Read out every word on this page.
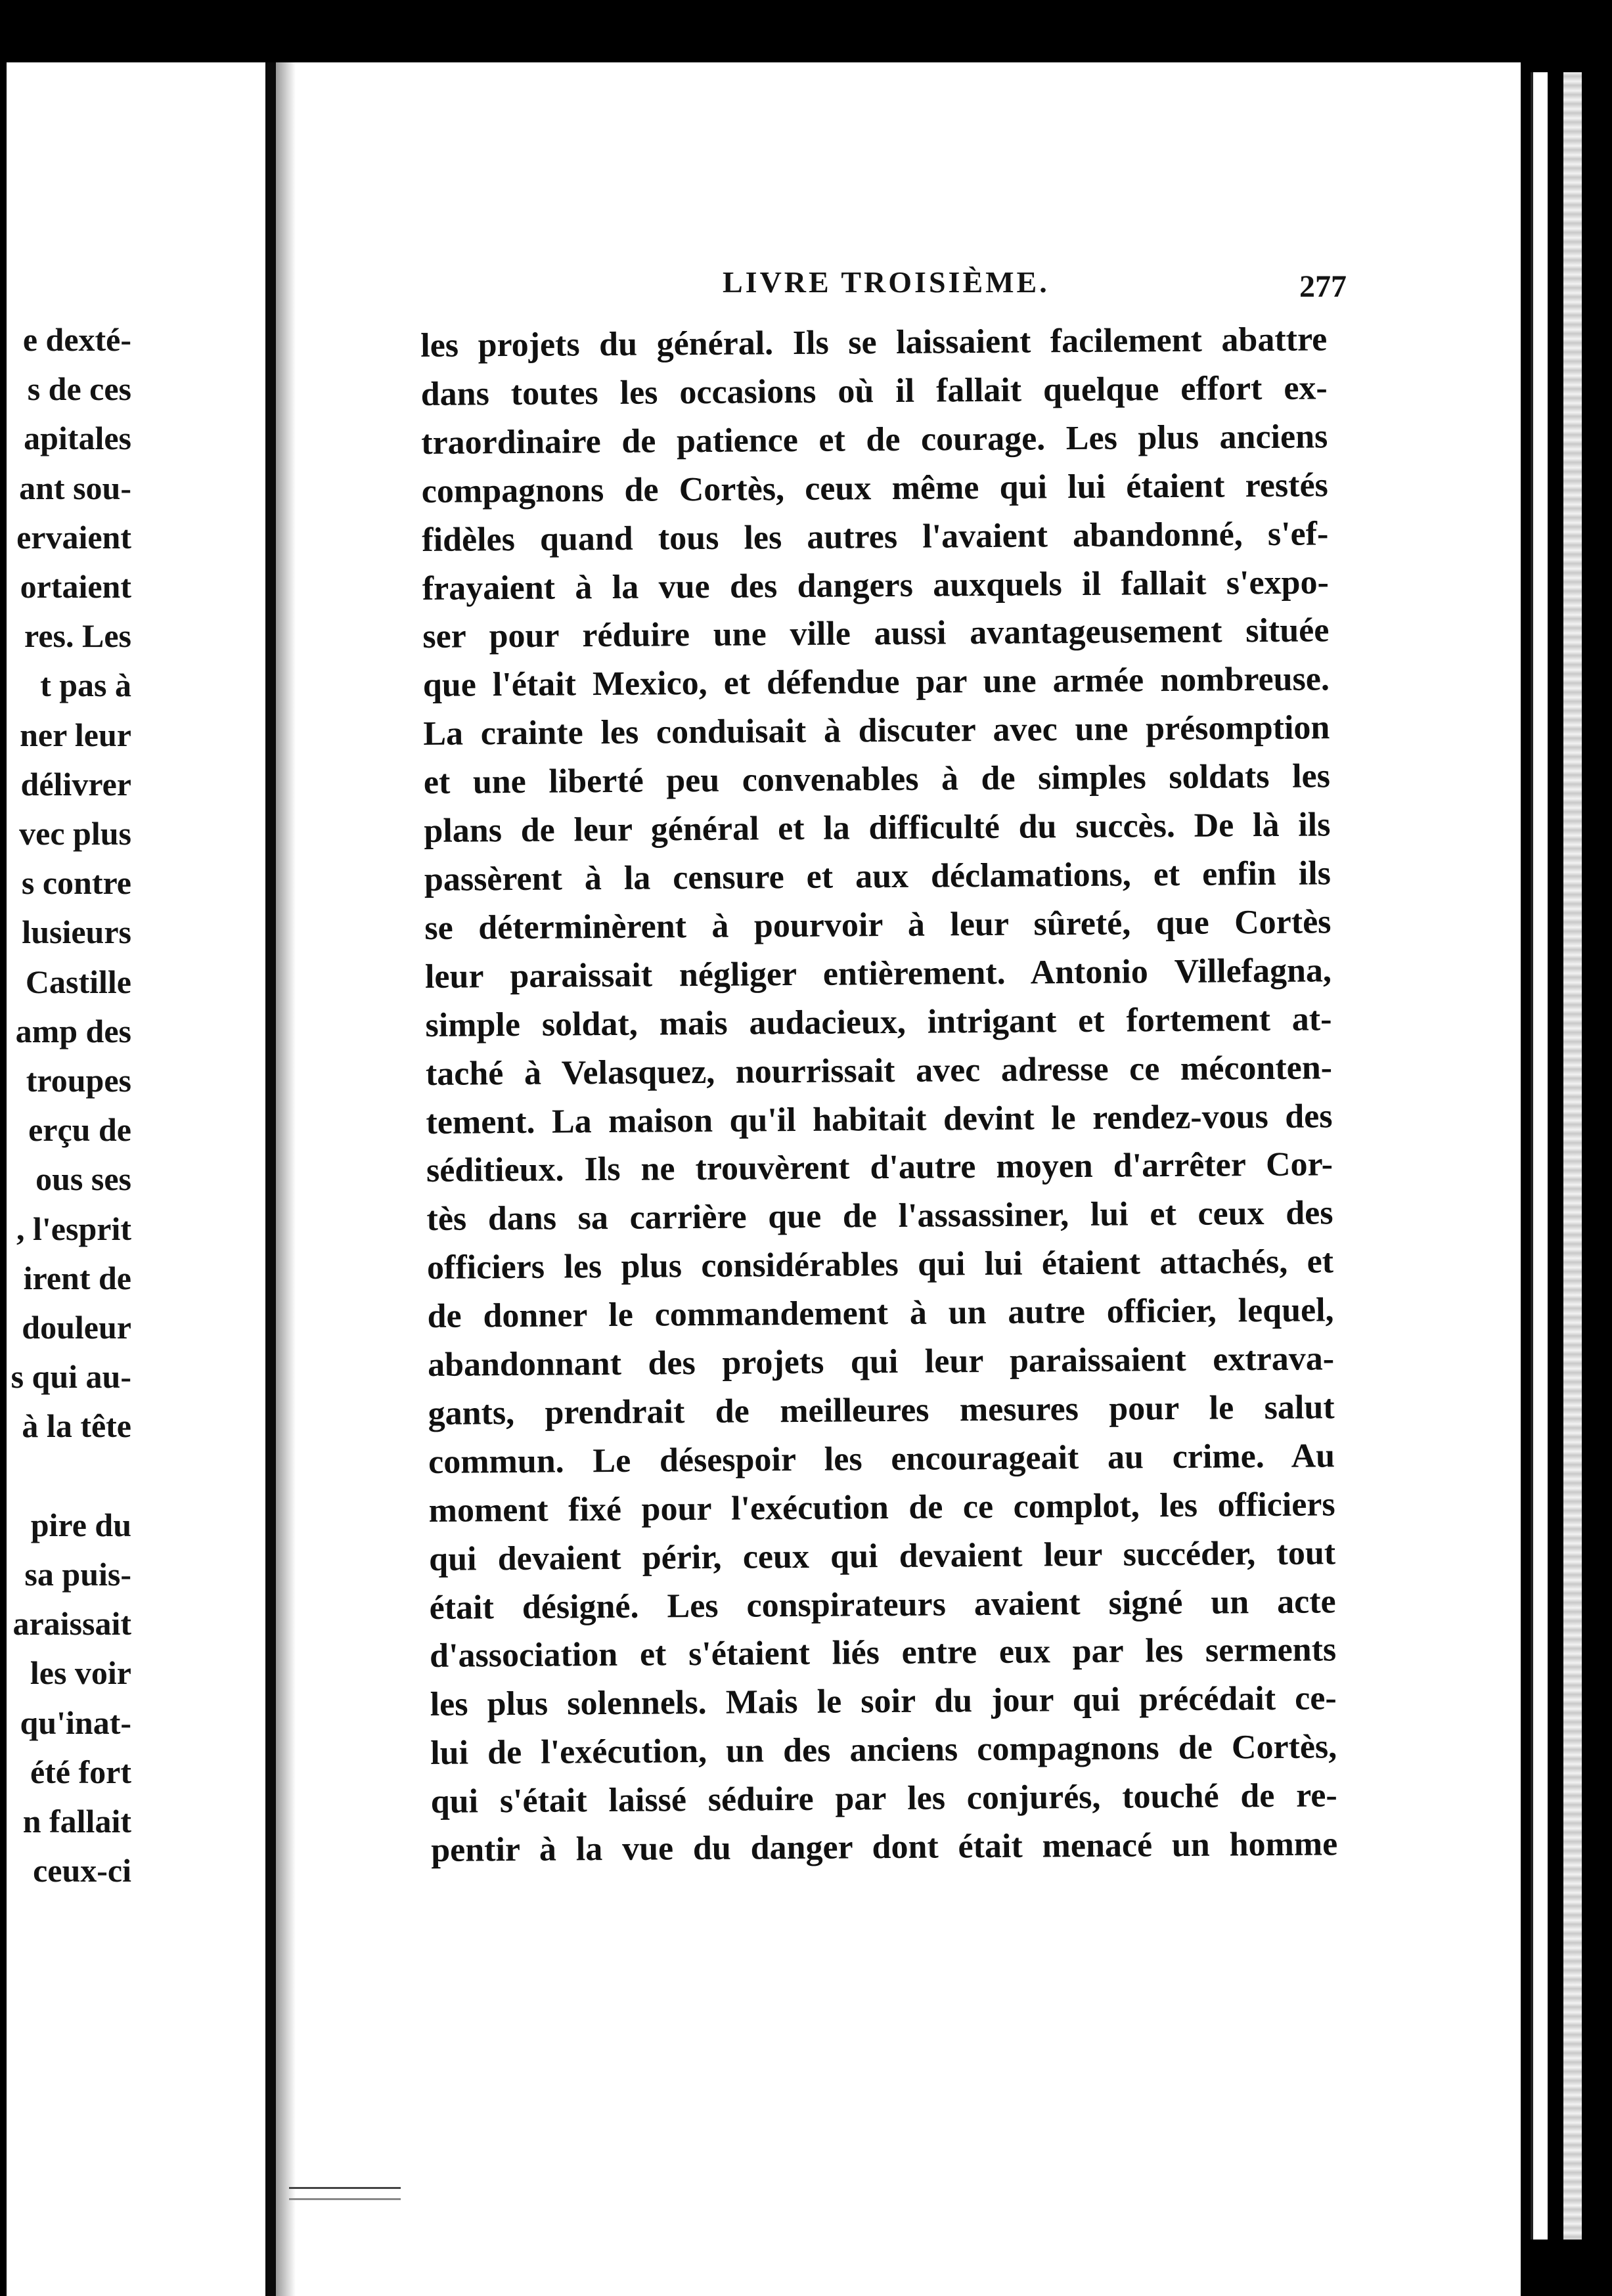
e dexté-
s de ces
apitales
ant sou-
ervaient
ortaient
res. Les
t pas à
ner leur
délivrer
vec plus
s contre
lusieurs
Castille
amp des
troupes
erçu de
ous ses
, l'esprit
irent de
douleur
s qui au-
à la tête

pire du
sa puis-
araissait
les voir
qu'inat-
été fort
n fallait
ceux-ci
LIVRE TROISIÈME.	277
les projets du général. Ils se laissaient facilement abattre
dans toutes les occasions où il fallait quelque effort ex-
traordinaire de patience et de courage. Les plus anciens
compagnons de Cortès, ceux même qui lui étaient restés
fidèles quand tous les autres l'avaient abandonné, s'ef-
frayaient à la vue des dangers auxquels il fallait s'expo-
ser pour réduire une ville aussi avantageusement située
que l'était Mexico, et défendue par une armée nombreuse.
La crainte les conduisait à discuter avec une présomption
et une liberté peu convenables à de simples soldats les
plans de leur général et la difficulté du succès. De là ils
passèrent à la censure et aux déclamations, et enfin ils
se déterminèrent à pourvoir à leur sûreté, que Cortès
leur paraissait négliger entièrement. Antonio Villefagna,
simple soldat, mais audacieux, intrigant et fortement at-
taché à Velasquez, nourrissait avec adresse ce méconten-
tement. La maison qu'il habitait devint le rendez-vous des
séditieux. Ils ne trouvèrent d'autre moyen d'arrêter Cor-
tès dans sa carrière que de l'assassiner, lui et ceux des
officiers les plus considérables qui lui étaient attachés, et
de donner le commandement à un autre officier, lequel,
abandonnant des projets qui leur paraissaient extrava-
gants, prendrait de meilleures mesures pour le salut
commun. Le désespoir les encourageait au crime. Au
moment fixé pour l'exécution de ce complot, les officiers
qui devaient périr, ceux qui devaient leur succéder, tout
était désigné. Les conspirateurs avaient signé un acte
d'association et s'étaient liés entre eux par les serments
les plus solennels. Mais le soir du jour qui précédait ce-
lui de l'exécution, un des anciens compagnons de Cortès,
qui s'était laissé séduire par les conjurés, touché de re-
pentir à la vue du danger dont était menacé un homme
